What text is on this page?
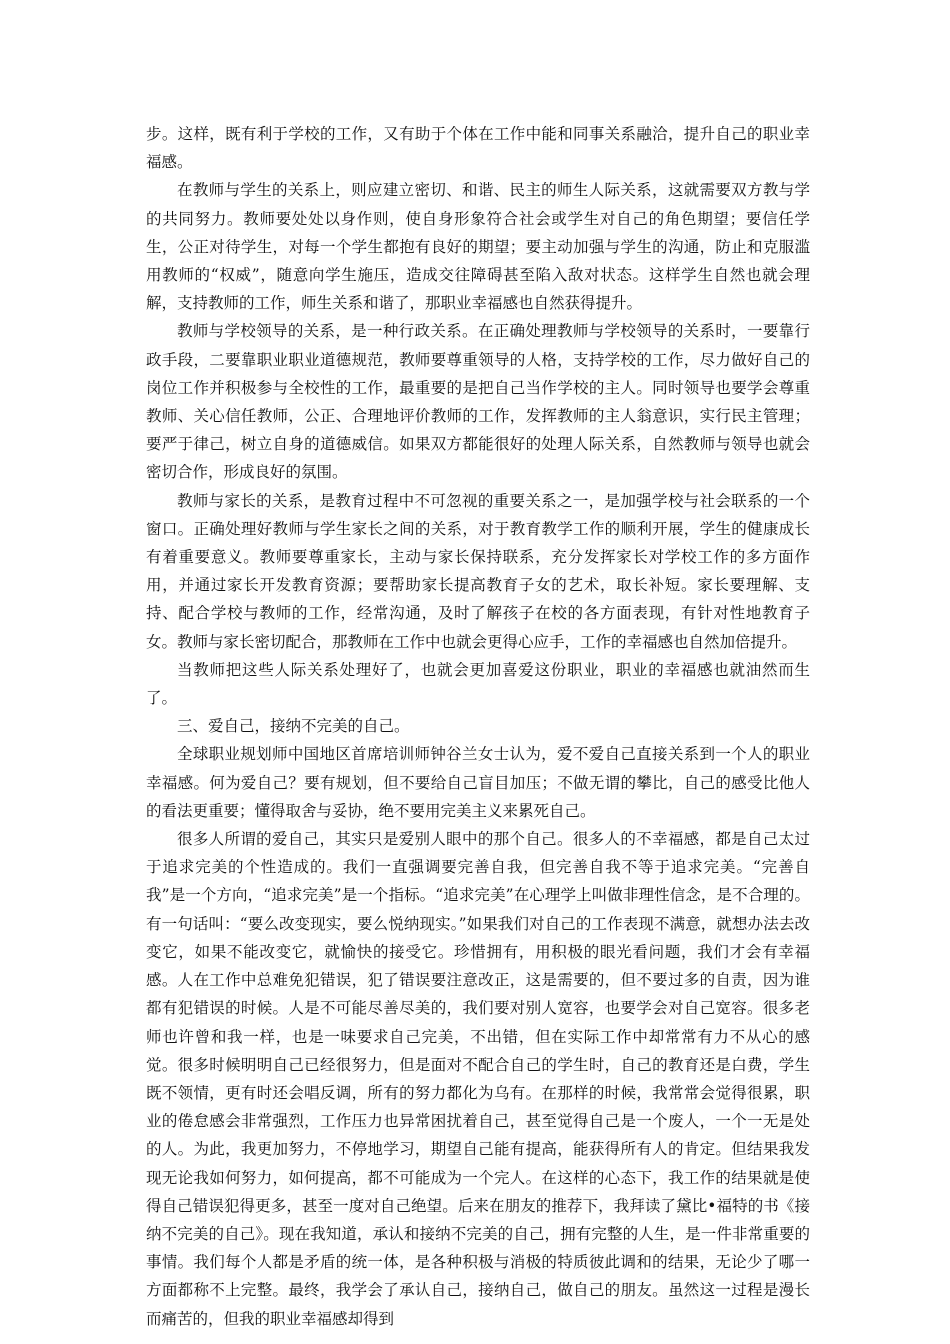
步。这样，既有利于学校的工作，又有助于个体在工作中能和同事关系融洽，提升自己的职业幸福感。

在教师与学生的关系上，则应建立密切、和谐、民主的师生人际关系，这就需要双方教与学的共同努力。教师要处处以身作则，使自身形象符合社会或学生对自己的角色期望；要信任学生，公正对待学生，对每一个学生都抱有良好的期望；要主动加强与学生的沟通，防止和克服滥用教师的“权威”，随意向学生施压，造成交往障碍甚至陷入敌对状态。这样学生自然也就会理解，支持教师的工作，师生关系和谐了，那职业幸福感也自然获得提升。

教师与学校领导的关系，是一种行政关系。在正确处理教师与学校领导的关系时，一要靠行政手段，二要靠职业职业道德规范，教师要尊重领导的人格，支持学校的工作，尽力做好自己的岗位工作并积极参与全校性的工作，最重要的是把自己当作学校的主人。同时领导也要学会尊重教师、关心信任教师，公正、合理地评价教师的工作，发挥教师的主人翁意识，实行民主管理；要严于律己，树立自身的道德威信。如果双方都能很好的处理人际关系，自然教师与领导也就会密切合作，形成良好的氛围。

教师与家长的关系，是教育过程中不可忽视的重要关系之一，是加强学校与社会联系的一个窗口。正确处理好教师与学生家长之间的关系，对于教育教学工作的顺利开展，学生的健康成长有着重要意义。教师要尊重家长，主动与家长保持联系，充分发挥家长对学校工作的多方面作用，并通过家长开发教育资源；要帮助家长提高教育子女的艺术，取长补短。家长要理解、支持、配合学校与教师的工作，经常沟通，及时了解孩子在校的各方面表现，有针对性地教育子女。教师与家长密切配合，那教师在工作中也就会更得心应手，工作的幸福感也自然加倍提升。

当教师把这些人际关系处理好了，也就会更加喜爱这份职业，职业的幸福感也就油然而生了。

三、爱自己，接纳不完美的自己。

全球职业规划师中国地区首席培训师钟谷兰女士认为，爱不爱自己直接关系到一个人的职业幸福感。何为爱自己？要有规划，但不要给自己盲目加压；不做无谓的攀比，自己的感受比他人的看法更重要；懂得取舍与妥协，绝不要用完美主义来累死自己。

很多人所谓的爱自己，其实只是爱别人眼中的那个自己。很多人的不幸福感，都是自己太过于追求完美的个性造成的。我们一直强调要完善自我，但完善自我不等于追求完美。“完善自我”是一个方向，“追求完美”是一个指标。“追求完美”在心理学上叫做非理性信念，是不合理的。有一句话叫：“要么改变现实，要么悦纳现实。”如果我们对自己的工作表现不满意，就想办法去改变它，如果不能改变它，就愉快的接受它。珍惜拥有，用积极的眼光看问题，我们才会有幸福感。人在工作中总难免犯错误，犯了错误要注意改正，这是需要的，但不要过多的自责，因为谁都有犯错误的时候。人是不可能尽善尽美的，我们要对别人宽容，也要学会对自己宽容。很多老师也许曾和我一样，也是一味要求自己完美，不出错，但在实际工作中却常常有力不从心的感觉。很多时候明明自己已经很努力，但是面对不配合自己的学生时，自己的教育还是白费，学生既不领情，更有时还会唱反调，所有的努力都化为乌有。在那样的时候，我常常会觉得很累，职业的倦怠感会非常强烈，工作压力也异常困扰着自己，甚至觉得自己是一个废人，一个一无是处的人。为此，我更加努力，不停地学习，期望自己能有提高，能获得所有人的肯定。但结果我发现无论我如何努力，如何提高，都不可能成为一个完人。在这样的心态下，我工作的结果就是使得自己错误犯得更多，甚至一度对自己绝望。后来在朋友的推荐下，我拜读了黛比•福特的书《接纳不完美的自己》。现在我知道，承认和接纳不完美的自己，拥有完整的人生，是一件非常重要的事情。我们每个人都是矛盾的统一体，是各种积极与消极的特质彼此调和的结果，无论少了哪一方面都称不上完整。最终，我学会了承认自己，接纳自己，做自己的朋友。虽然这一过程是漫长而痛苦的，但我的职业幸福感却得到
